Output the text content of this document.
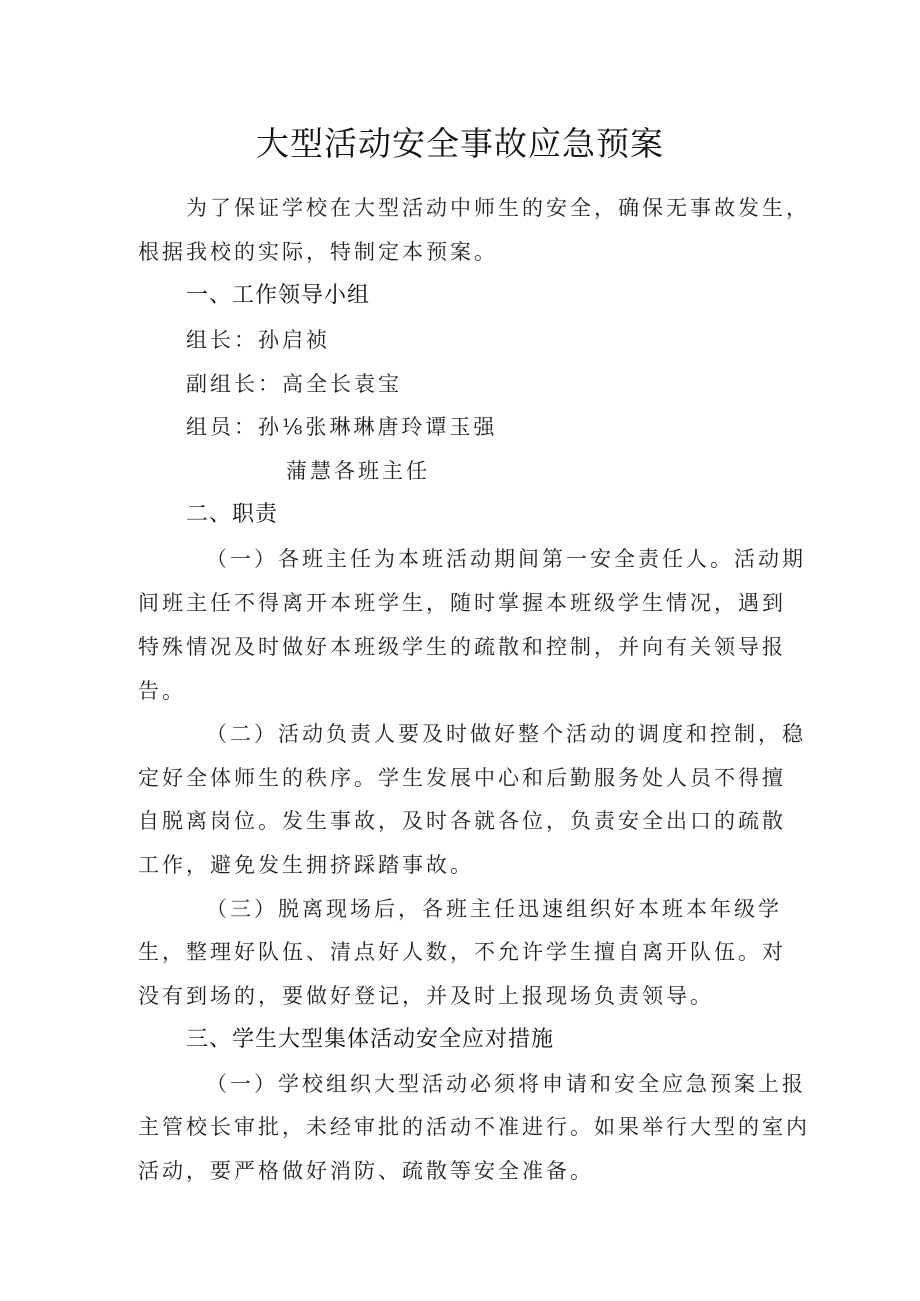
大型活动安全事故应急预案
为了保证学校在大型活动中师生的安全，确保无事故发生，
根据我校的实际，特制定本预案。
一、工作领导小组
组长：孙启祯
副组长：高全长袁宝
组员：孙⅛张琳琳唐玲谭玉强
蒲慧各班主任
二、职责
（一）各班主任为本班活动期间第一安全责任人。活动期
间班主任不得离开本班学生，随时掌握本班级学生情况，遇到
特殊情况及时做好本班级学生的疏散和控制，并向有关领导报
告。
（二）活动负责人要及时做好整个活动的调度和控制，稳
定好全体师生的秩序。学生发展中心和后勤服务处人员不得擅
自脱离岗位。发生事故，及时各就各位，负责安全出口的疏散
工作，避免发生拥挤踩踏事故。
（三）脱离现场后，各班主任迅速组织好本班本年级学
生，整理好队伍、清点好人数，不允许学生擅自离开队伍。对
没有到场的，要做好登记，并及时上报现场负责领导。
三、学生大型集体活动安全应对措施
（一）学校组织大型活动必须将申请和安全应急预案上报
主管校长审批，未经审批的活动不准进行。如果举行大型的室内
活动，要严格做好消防、疏散等安全准备。
